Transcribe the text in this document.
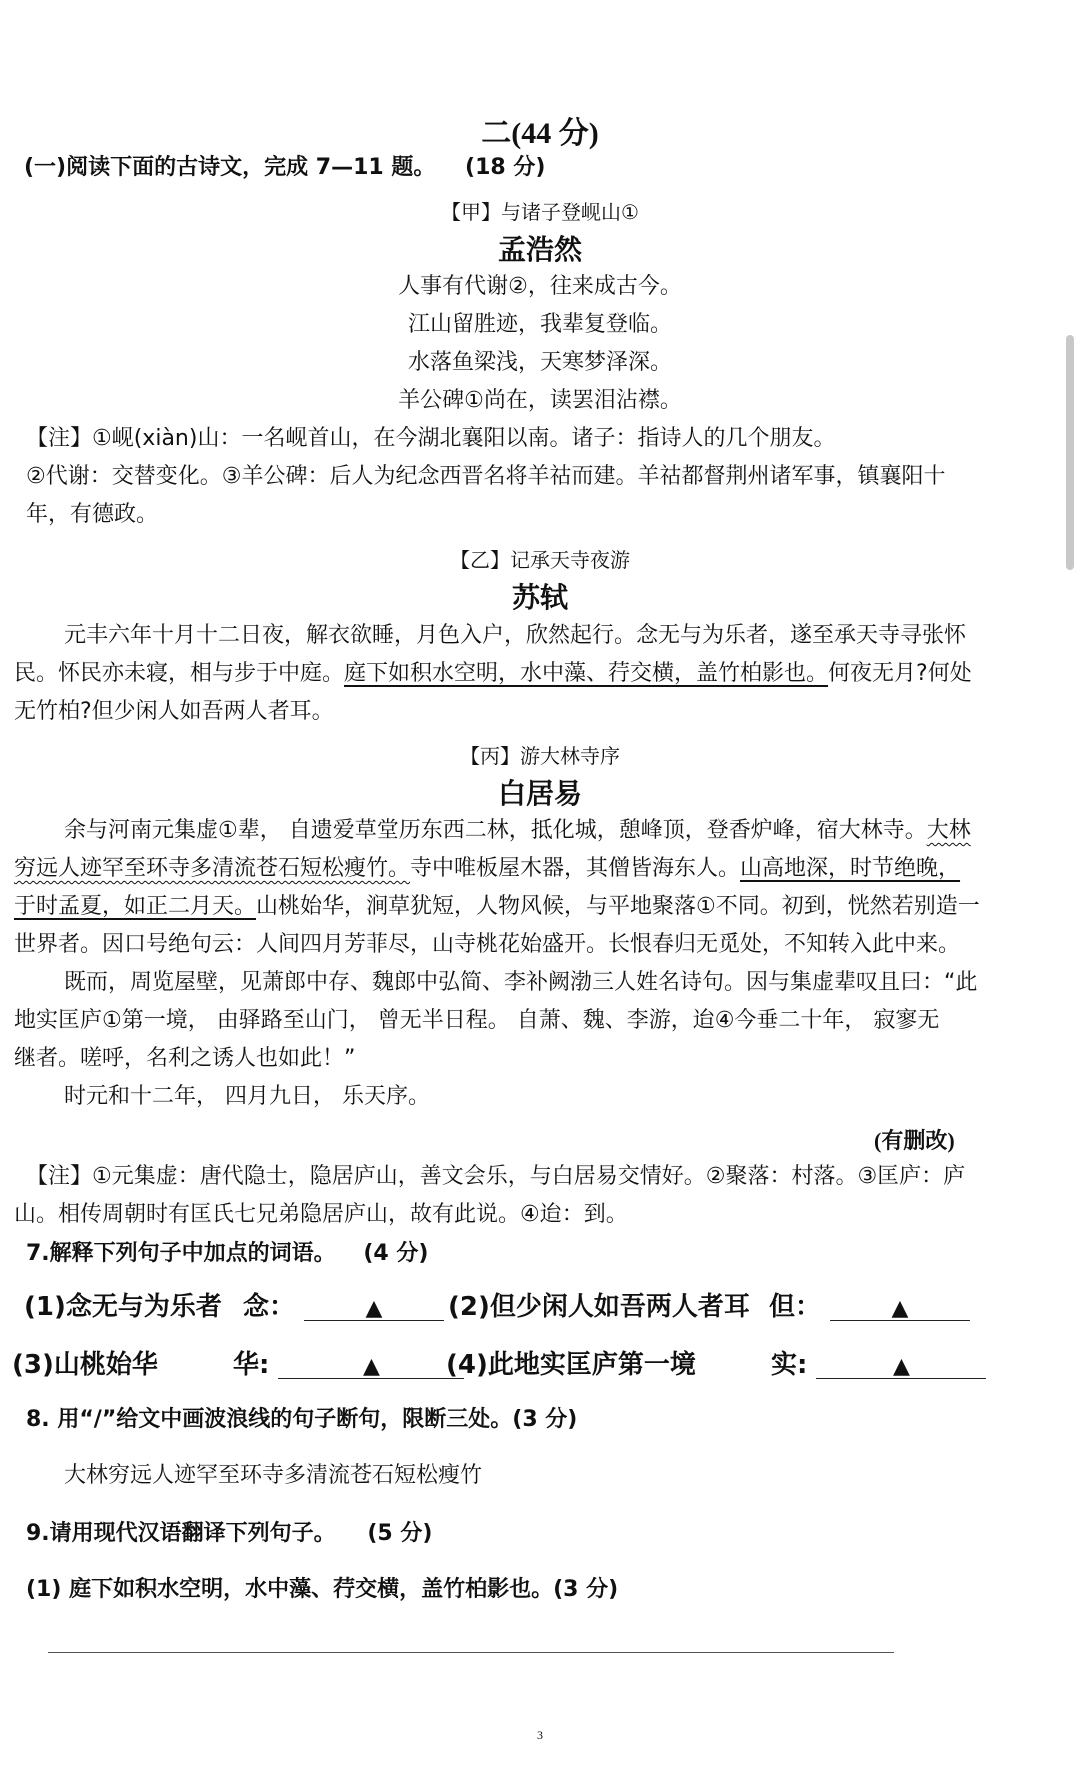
二(44 分)
(一)阅读下面的古诗文，完成 7—11 题。 (18 分)
【甲】与诸子登岘山①
孟浩然
人事有代谢②，往来成古今。
江山留胜迹，我辈复登临。
水落鱼梁浅，天寒梦泽深。
羊公碑①尚在，读罢泪沾襟。
【注】①岘(xiàn)山：一名岘首山，在今湖北襄阳以南。诸子：指诗人的几个朋友。
②代谢：交替变化。③羊公碑：后人为纪念西晋名将羊祜而建。羊祜都督荆州诸军事，镇襄阳十
年，有德政。
【乙】记承天寺夜游
苏轼
元丰六年十月十二日夜，解衣欲睡，月色入户，欣然起行。念无与为乐者，遂至承天寺寻张怀
民。怀民亦未寝，相与步于中庭。庭下如积水空明，水中藻、荇交横，盖竹柏影也。何夜无月?何处
无竹柏?但少闲人如吾两人者耳。
【丙】游大林寺序
白居易
余与河南元集虚①辈， 自遗爱草堂历东西二林，抵化城，憩峰顶，登香炉峰，宿大林寺。大林
穷远人迹罕至环寺多清流苍石短松瘦竹。寺中唯板屋木器，其僧皆海东人。山高地深，时节绝晚，
于时孟夏，如正二月天。山桃始华，涧草犹短，人物风候，与平地聚落①不同。初到，恍然若别造一
世界者。因口号绝句云：人间四月芳菲尽，山寺桃花始盛开。长恨春归无觅处，不知转入此中来。
既而，周览屋壁，见萧郎中存、魏郎中弘简、李补阙渤三人姓名诗句。因与集虚辈叹且曰：“此
地实匡庐①第一境， 由驿路至山门， 曾无半日程。 自萧、魏、李游，迨④今垂二十年， 寂寥无
继者。嗟呼，名利之诱人也如此！”
时元和十二年， 四月九日， 乐天序。
(有删改)
【注】①元集虚：唐代隐士，隐居庐山，善文会乐，与白居易交情好。②聚落：村落。③匡庐：庐
山。相传周朝时有匡氏七兄弟隐居庐山，故有此说。④迨：到。
7.解释下列句子中加点的词语。 (4 分)
(1)念无与为乐者 念：	▲	(2)但少闲人如吾两人者耳 但：	▲
(3)山桃始华	华:	▲	(4)此地实匡庐第一境	实:	▲
8. 用“/”给文中画波浪线的句子断句，限断三处。(3 分)
大林穷远人迹罕至环寺多清流苍石短松瘦竹
9.请用现代汉语翻译下列句子。 (5 分)
(1) 庭下如积水空明，水中藻、荇交横，盖竹柏影也。(3 分)
3
